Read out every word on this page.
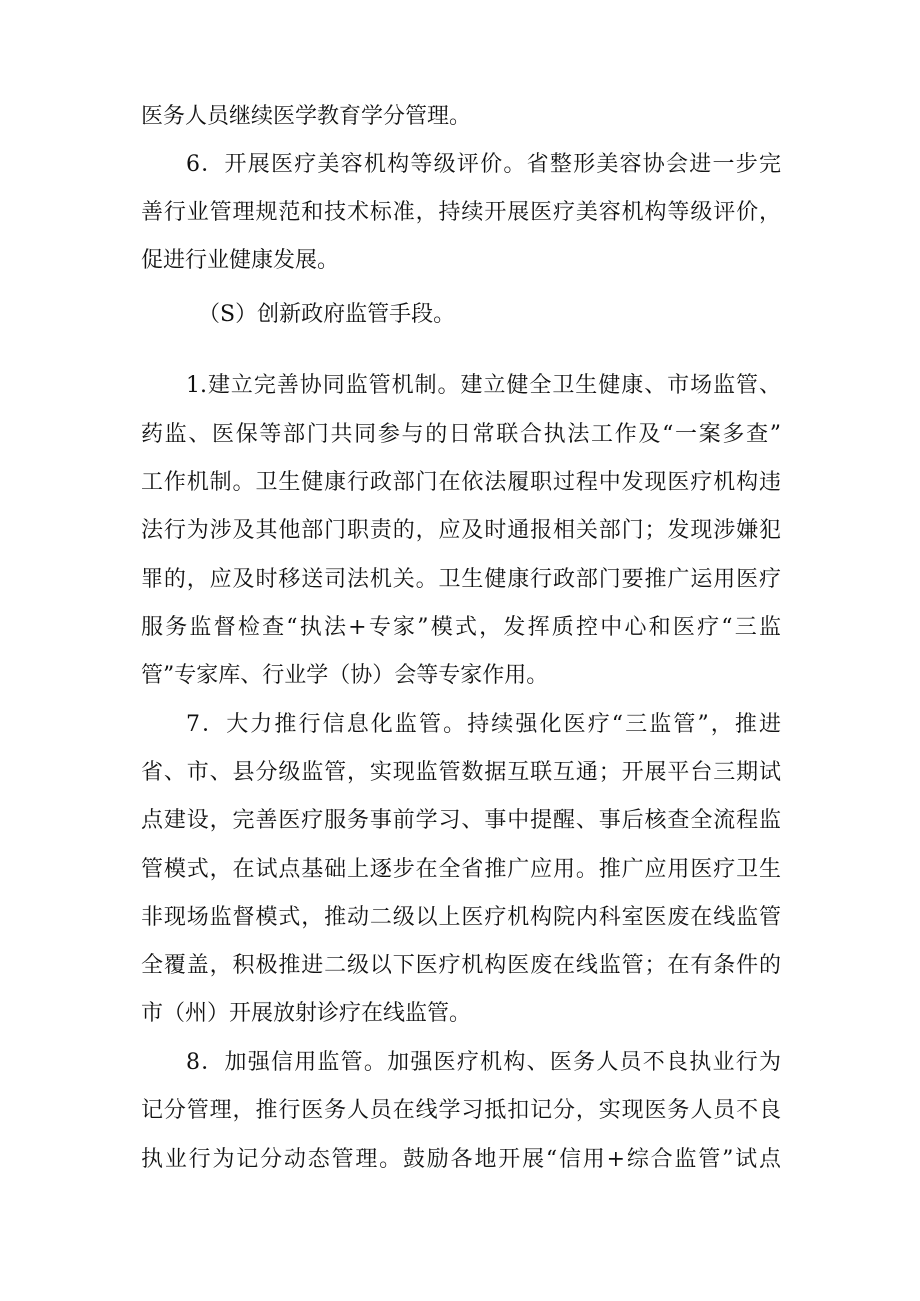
医务人员继续医学教育学分管理。
6．开展医疗美容机构等级评价。省整形美容协会进一步完
善行业管理规范和技术标准，持续开展医疗美容机构等级评价，
促进行业健康发展。
（S）创新政府监管手段。
1.建立完善协同监管机制。建立健全卫生健康、市场监管、
药监、医保等部门共同参与的日常联合执法工作及“一案多查”
工作机制。卫生健康行政部门在依法履职过程中发现医疗机构违
法行为涉及其他部门职责的，应及时通报相关部门；发现涉嫌犯
罪的，应及时移送司法机关。卫生健康行政部门要推广运用医疗
服务监督检查“执法+专家”模式，发挥质控中心和医疗“三监
管”专家库、行业学（协）会等专家作用。
7．大力推行信息化监管。持续强化医疗“三监管”，推进
省、市、县分级监管，实现监管数据互联互通；开展平台三期试
点建设，完善医疗服务事前学习、事中提醒、事后核查全流程监
管模式，在试点基础上逐步在全省推广应用。推广应用医疗卫生
非现场监督模式，推动二级以上医疗机构院内科室医废在线监管
全覆盖，积极推进二级以下医疗机构医废在线监管；在有条件的
市（州）开展放射诊疗在线监管。
8．加强信用监管。加强医疗机构、医务人员不良执业行为
记分管理，推行医务人员在线学习抵扣记分，实现医务人员不良
执业行为记分动态管理。鼓励各地开展“信用+综合监管”试点
